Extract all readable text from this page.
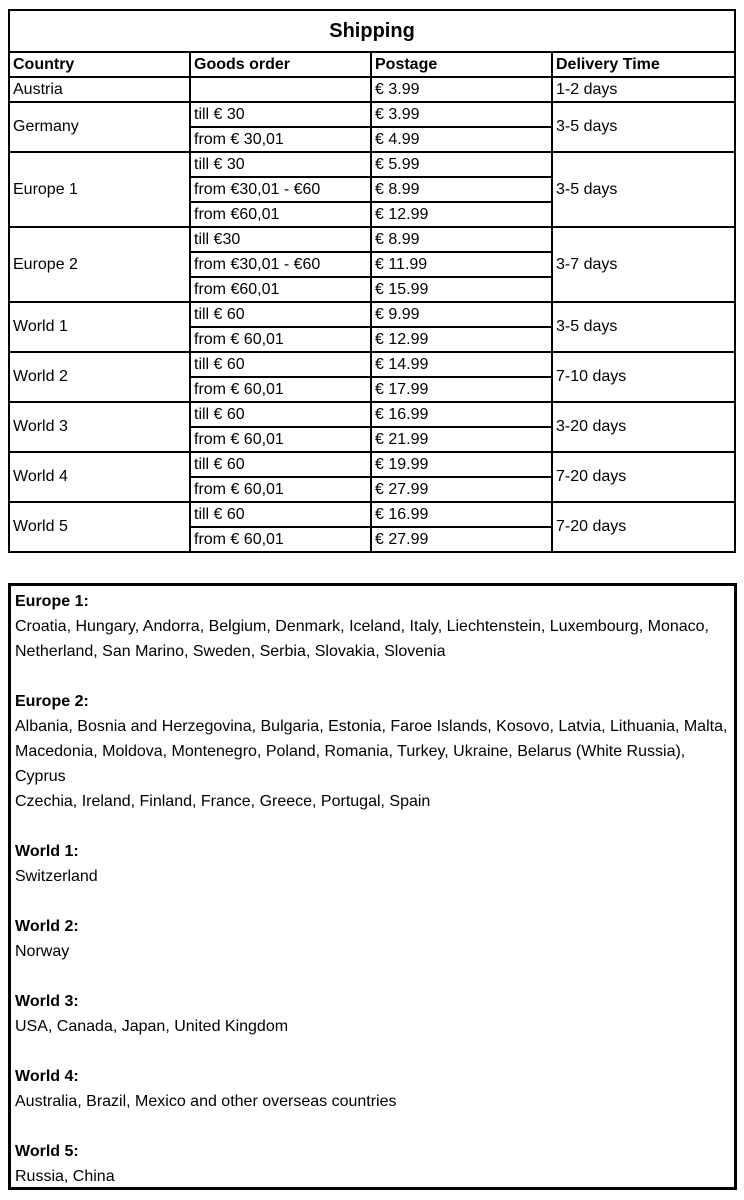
Shipping			
Country	Goods order	Postage	Delivery Time
Austria		€ 3.99	1-2 days
Germany	till € 30	€ 3.99	3-5 days
	from € 30,01	€ 4.99	
Europe 1	till € 30	€ 5.99	3-5 days
	from €30,01 - €60	€ 8.99	
	from €60,01	€ 12.99	
Europe 2	till €30	€ 8.99	3-7 days
	from €30,01 - €60	€ 11.99	
	from €60,01	€ 15.99	
World 1	till € 60	€ 9.99	3-5 days
	from € 60,01	€ 12.99	
World 2	till € 60	€ 14.99	7-10 days
	from € 60,01	€ 17.99	
World 3	till € 60	€ 16.99	3-20 days
	from € 60,01	€ 21.99	
World 4	till € 60	€ 19.99	7-20 days
	from € 60,01	€ 27.99	
World 5	till € 60	€ 16.99	7-20 days
	from € 60,01	€ 27.99	
Europe 1:
Croatia, Hungary, Andorra, Belgium, Denmark, Iceland, Italy, Liechtenstein, Luxembourg, Monaco, Netherland, San Marino, Sweden, Serbia, Slovakia, Slovenia
Europe 2:
Albania, Bosnia and Herzegovina, Bulgaria, Estonia, Faroe Islands, Kosovo, Latvia, Lithuania, Malta, Macedonia, Moldova, Montenegro, Poland, Romania, Turkey, Ukraine, Belarus (White Russia), Cyprus
Czechia, Ireland, Finland, France, Greece, Portugal, Spain
World 1:
Switzerland
World 2:
Norway
World 3:
USA, Canada, Japan, United Kingdom
World 4:
Australia, Brazil, Mexico and other overseas countries
World 5:
Russia, China
